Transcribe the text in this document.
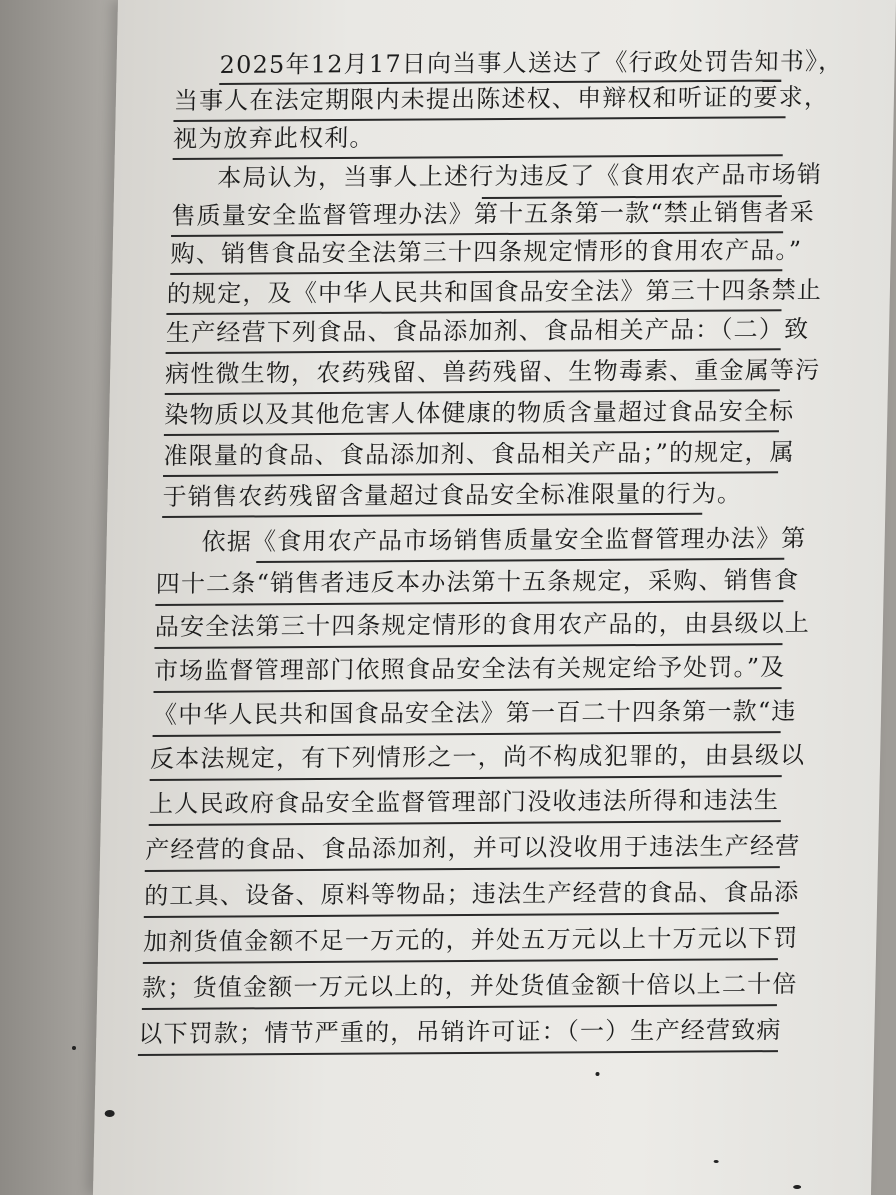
2025年12月17日向当事人送达了《行政处罚告知书》，
当事人在法定期限内未提出陈述权、申辩权和听证的要求，
视为放弃此权利。
本局认为，当事人上述行为违反了《食用农产品市场销
售质量安全监督管理办法》第十五条第一款“禁止销售者采
购、销售食品安全法第三十四条规定情形的食用农产品。”
的规定，及《中华人民共和国食品安全法》第三十四条禁止
生产经营下列食品、食品添加剂、食品相关产品：（二）致
病性微生物，农药残留、兽药残留、生物毒素、重金属等污
染物质以及其他危害人体健康的物质含量超过食品安全标
准限量的食品、食品添加剂、食品相关产品；”的规定，属
于销售农药残留含量超过食品安全标准限量的行为。
依据《食用农产品市场销售质量安全监督管理办法》第
四十二条“销售者违反本办法第十五条规定，采购、销售食
品安全法第三十四条规定情形的食用农产品的，由县级以上
市场监督管理部门依照食品安全法有关规定给予处罚。”及
《中华人民共和国食品安全法》第一百二十四条第一款“违
反本法规定，有下列情形之一，尚不构成犯罪的，由县级以
上人民政府食品安全监督管理部门没收违法所得和违法生
产经营的食品、食品添加剂，并可以没收用于违法生产经营
的工具、设备、原料等物品；违法生产经营的食品、食品添
加剂货值金额不足一万元的，并处五万元以上十万元以下罚
款；货值金额一万元以上的，并处货值金额十倍以上二十倍
以下罚款；情节严重的，吊销许可证：（一）生产经营致病
